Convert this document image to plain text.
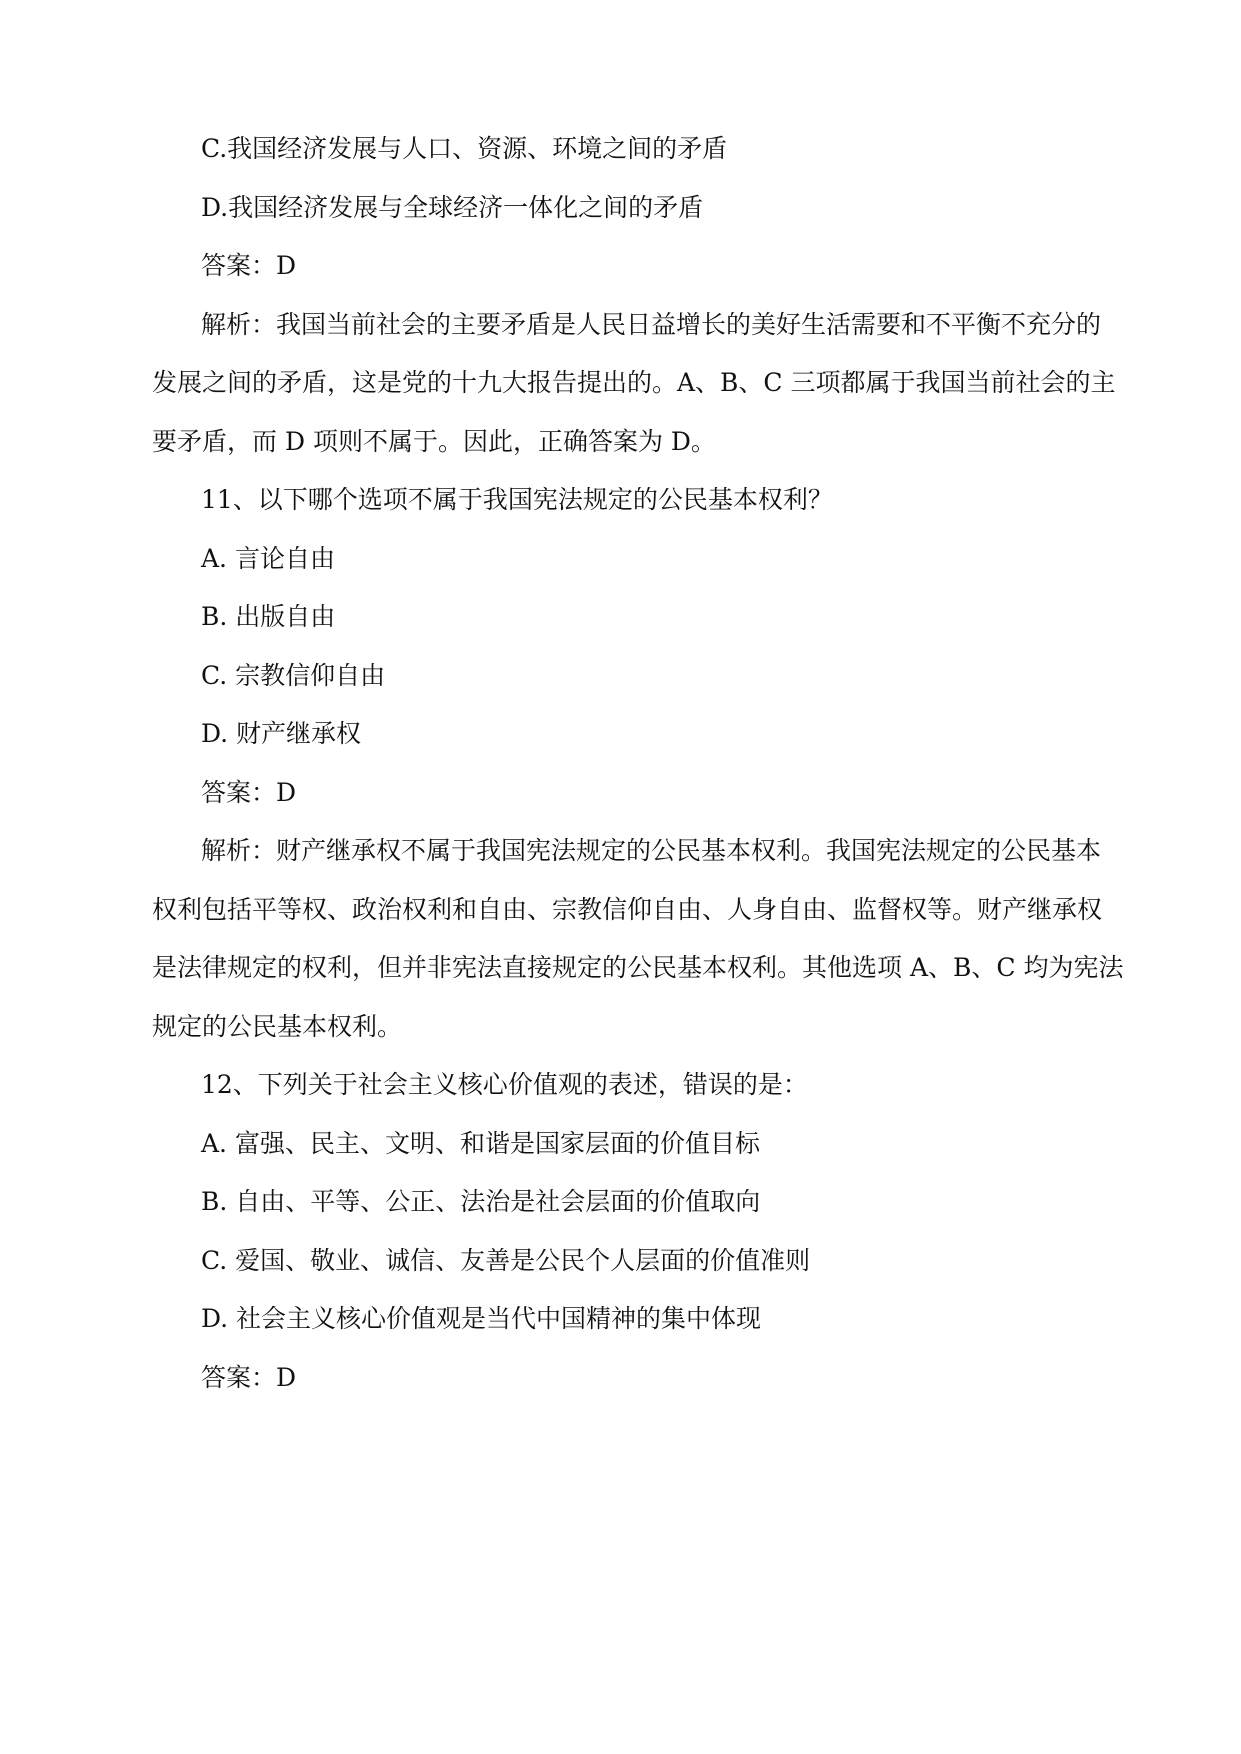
C.我国经济发展与人口、资源、环境之间的矛盾
D.我国经济发展与全球经济一体化之间的矛盾
答案：D
解析：我国当前社会的主要矛盾是人民日益增长的美好生活需要和不平衡不充分的
发展之间的矛盾，这是党的十九大报告提出的。A、B、C 三项都属于我国当前社会的主
要矛盾，而 D 项则不属于。因此，正确答案为 D。
11、以下哪个选项不属于我国宪法规定的公民基本权利？
A. 言论自由
B. 出版自由
C. 宗教信仰自由
D. 财产继承权
答案：D
解析：财产继承权不属于我国宪法规定的公民基本权利。我国宪法规定的公民基本
权利包括平等权、政治权利和自由、宗教信仰自由、人身自由、监督权等。财产继承权
是法律规定的权利，但并非宪法直接规定的公民基本权利。其他选项 A、B、C 均为宪法
规定的公民基本权利。
12、下列关于社会主义核心价值观的表述，错误的是：
A. 富强、民主、文明、和谐是国家层面的价值目标
B. 自由、平等、公正、法治是社会层面的价值取向
C. 爱国、敬业、诚信、友善是公民个人层面的价值准则
D. 社会主义核心价值观是当代中国精神的集中体现
答案：D
